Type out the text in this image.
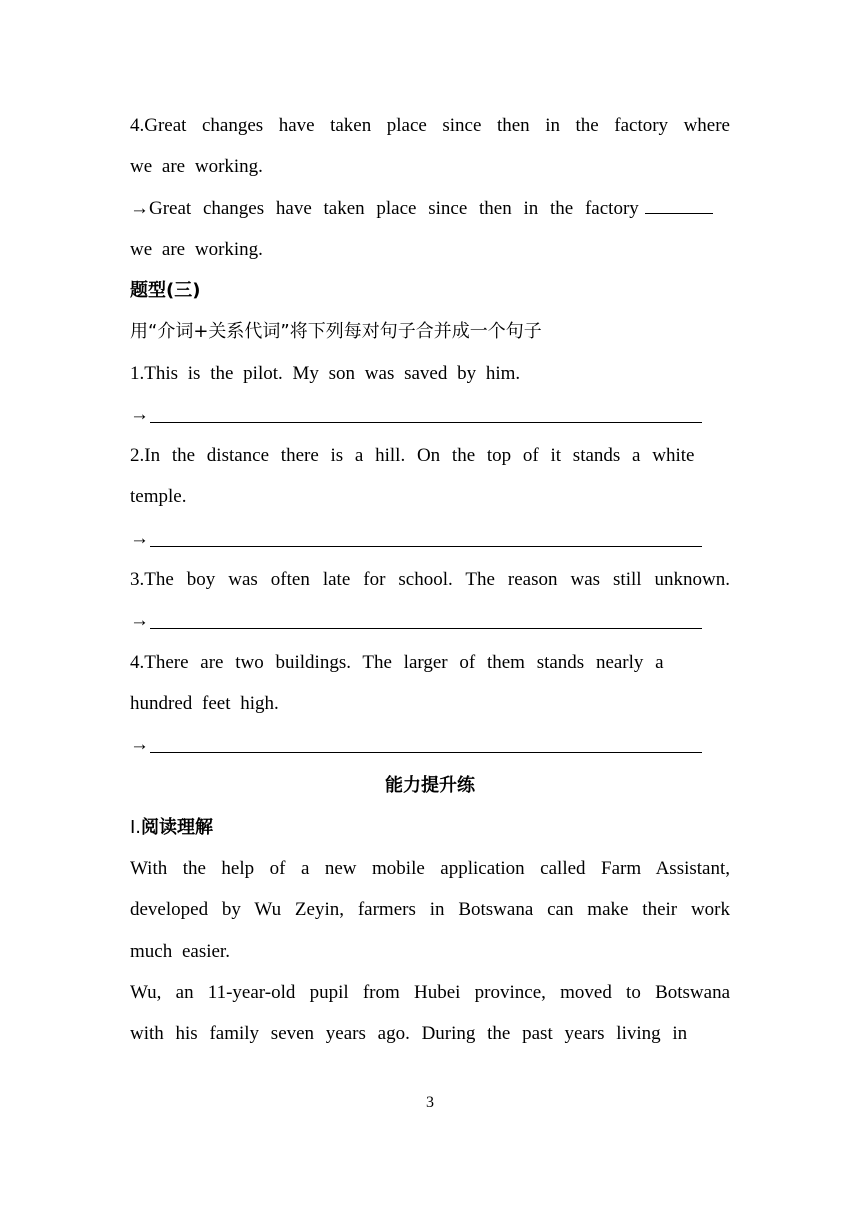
4.Great changes have taken place since then in the factory where
we are working.
→Great changes have taken place since then in the factory
we are working.
题型(三)
用“介词+关系代词”将下列每对句子合并成一个句子
1.This is the pilot. My son was saved by him.
→
2.In the distance there is a hill. On the top of it stands a white
temple.
→
3.The boy was often late for school. The reason was still unknown.
→
4.There are two buildings. The larger of them stands nearly a
hundred feet high.
→
能力提升练
Ⅰ.阅读理解
With the help of a new mobile application called Farm Assistant,
developed by Wu Zeyin, farmers in Botswana can make their work
much easier.
Wu, an 11-year-old pupil from Hubei province, moved to Botswana
with his family seven years ago. During the past years living in
3
